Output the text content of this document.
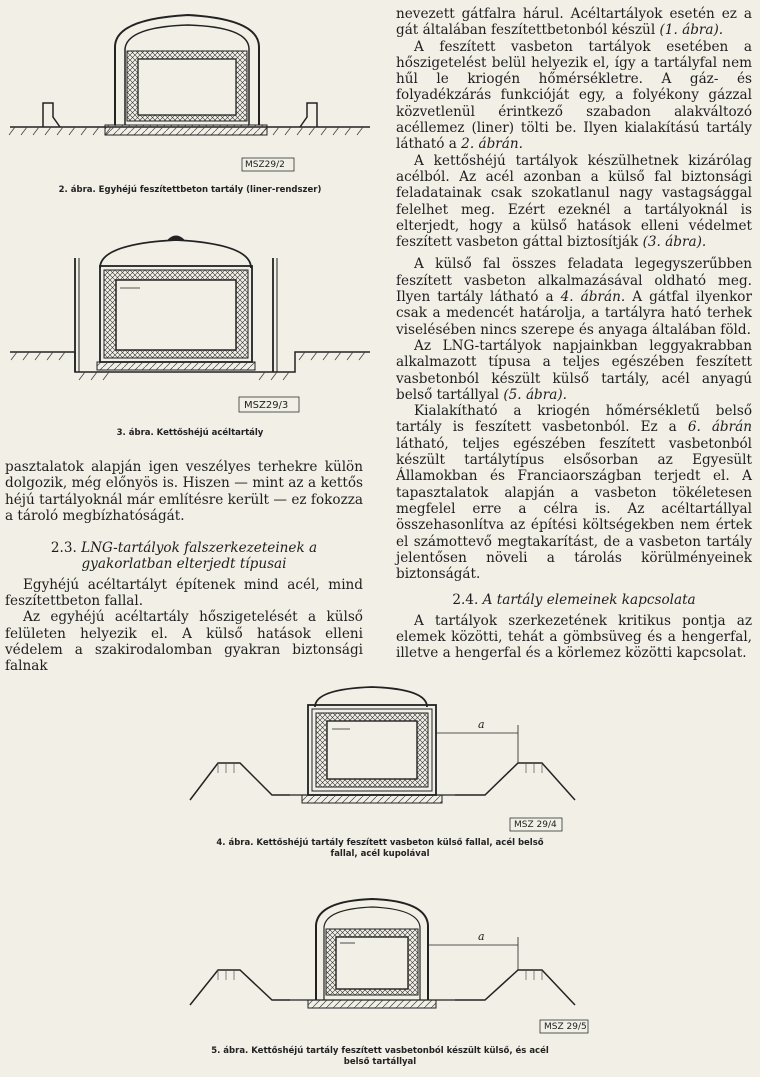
MSZ29/2
2. ábra. Egyhéjú feszítettbeton tartály (liner-rendszer)
MSZ29/3
3. ábra. Kettőshéjú acéltartály

pasztalatok alapján igen veszélyes terhekre külön dolgozik, még előnyös is. Hiszen — mint az a kettős héjú tartályoknál már említésre került — ez fokozza a tároló megbízhatóságát.

2.3. LNG-tartályok falszerkezeteinek a gyakorlatban elterjedt típusai

Egyhéjú acéltartályt építenek mind acél, mind feszítettbeton fallal.

Az egyhéjú acéltartály hőszigetelését a külső felületen helyezik el. A külső hatások elleni védelem a szakirodalomban gyakran biztonsági falnak

nevezett gátfalra hárul. Acéltartályok esetén ez a gát általában feszítettbetonból készül (1. ábra).

A feszített vasbeton tartályok esetében a hőszigetelést belül helyezik el, így a tartályfal nem hűl le kriogén hőmérsékletre. A gáz- és folyadékzárás funkcióját egy, a folyékony gázzal közvetlenül érintkező szabadon alakváltozó acéllemez (liner) tölti be. Ilyen kialakítású tartály látható a 2. ábrán.

A kettőshéjú tartályok készülhetnek kizárólag acélból. Az acél azonban a külső fal biztonsági feladatainak csak szokatlanul nagy vastagsággal felelhet meg. Ezért ezeknél a tartályoknál is elterjedt, hogy a külső hatások elleni védelmet feszített vasbeton gáttal biztosítják (3. ábra).

A külső fal összes feladata legegyszerűbben feszített vasbeton alkalmazásával oldható meg. Ilyen tartály látható a 4. ábrán. A gátfal ilyenkor csak a medencét határolja, a tartályra ható terhek viselésében nincs szerepe és anyaga általában föld.

Az LNG-tartályok napjainkban leggyakrabban alkalmazott típusa a teljes egészében feszített vasbetonból készült külső tartály, acél anyagú belső tartállyal (5. ábra).

Kialakítható a kriogén hőmérsékletű belső tartály is feszített vasbetonból. Ez a 6. ábrán látható, teljes egészében feszített vasbetonból készült tartálytípus elsősorban az Egyesült Államokban és Franciaországban terjedt el. A tapasztalatok alapján a vasbeton tökéletesen megfelel erre a célra is. Az acéltartállyal összehasonlítva az építési költségekben nem értek el számottevő megtakarítást, de a vasbeton tartály jelentősen növeli a tárolás körülményeinek biztonságát.

2.4. A tartály elemeinek kapcsolata

A tartályok szerkezetének kritikus pontja az elemek közötti, tehát a gömbsüveg és a hengerfal, illetve a hengerfal és a körlemez közötti kapcsolat.

a
MSZ 29/4
4. ábra. Kettőshéjú tartály feszített vasbeton külső fallal, acél belső
fallal, acél kupolával
a
MSZ 29/5
5. ábra. Kettőshéjú tartály feszített vasbetonból készült külső, és acél
belső tartállyal
